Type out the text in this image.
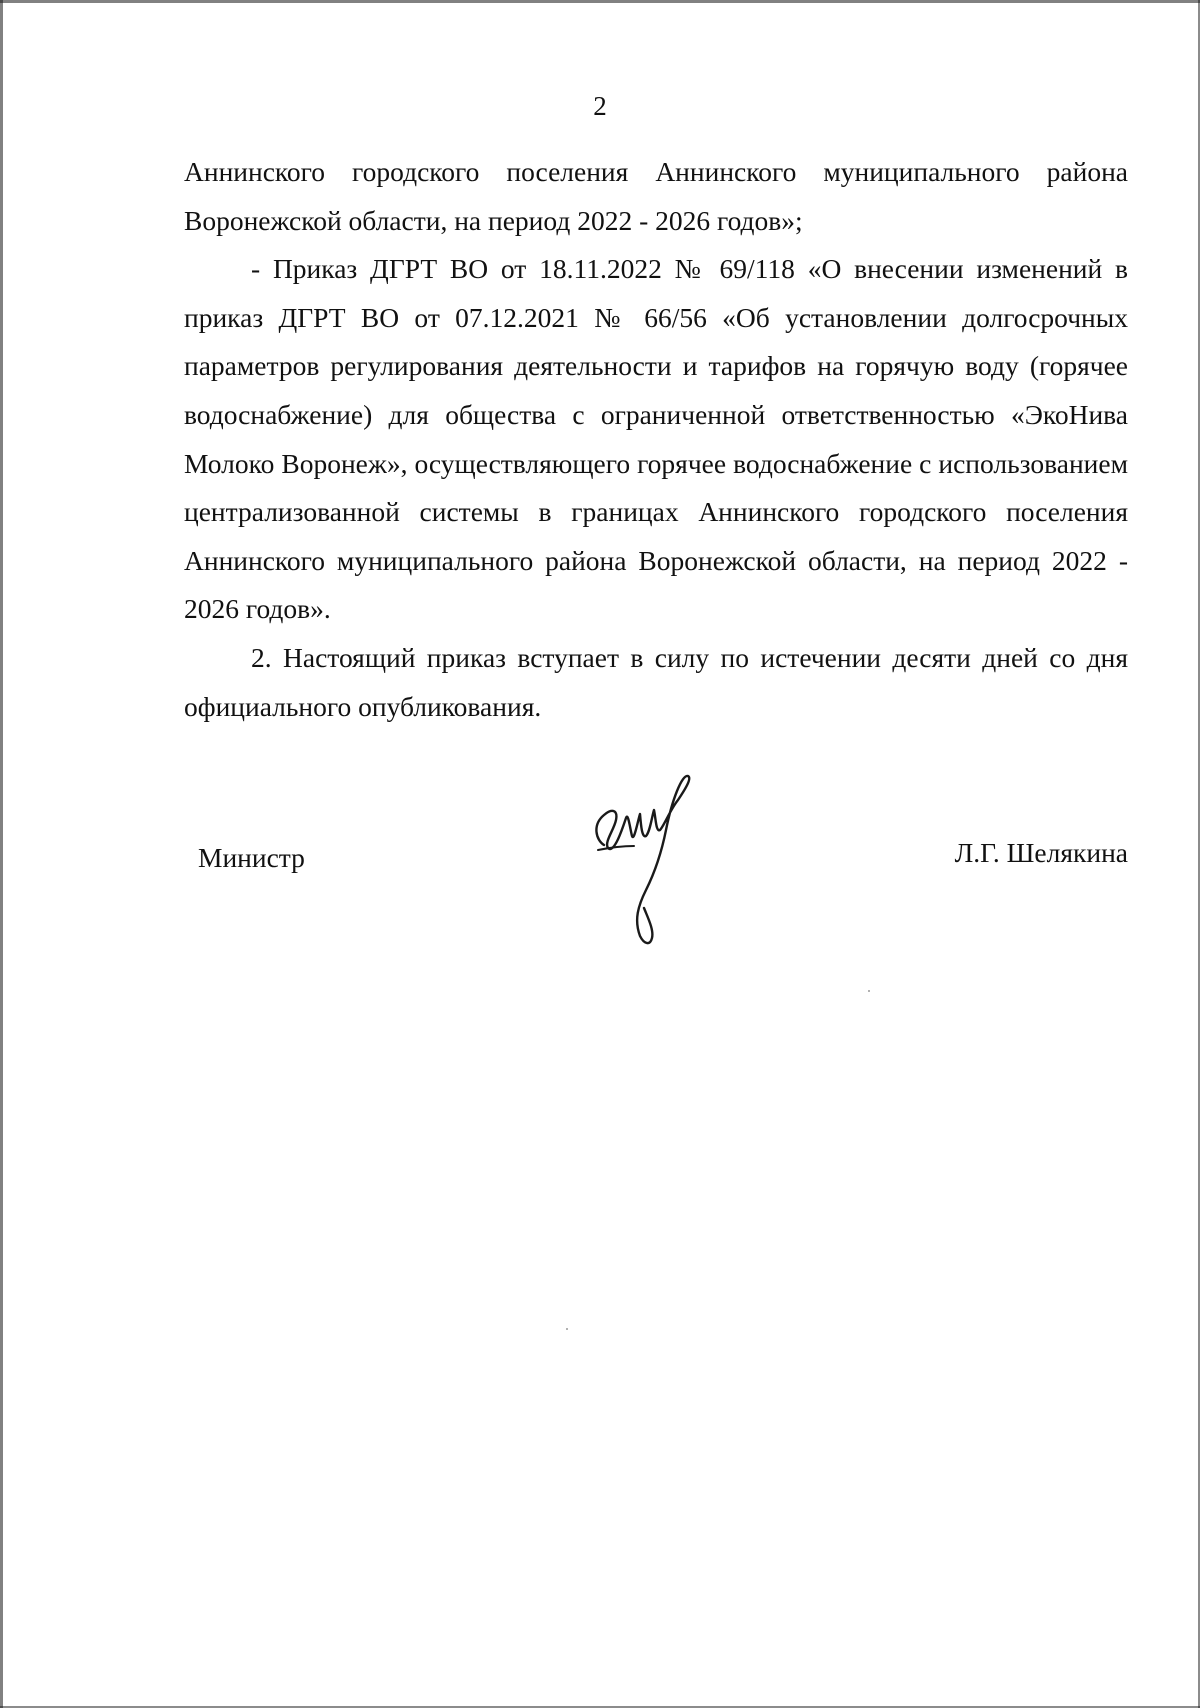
2

Аннинского городского поселения Аннинского муниципального района Воронежской области, на период 2022 - 2026 годов»;

- Приказ ДГРТ ВО от 18.11.2022 № 69/118 «О внесении изменений в приказ ДГРТ ВО от 07.12.2021 № 66/56 «Об установлении долгосрочных параметров регулирования деятельности и тарифов на горячую воду (горячее водоснабжение) для общества с ограниченной ответственностью «ЭкоНива Молоко Воронеж», осуществляющего горячее водоснабжение с использованием централизованной системы в границах Аннинского городского поселения Аннинского муниципального района Воронежской области, на период 2022 - 2026 годов».

2. Настоящий приказ вступает в силу по истечении десяти дней со дня официального опубликования.

Министр	Л.Г. Шелякина
